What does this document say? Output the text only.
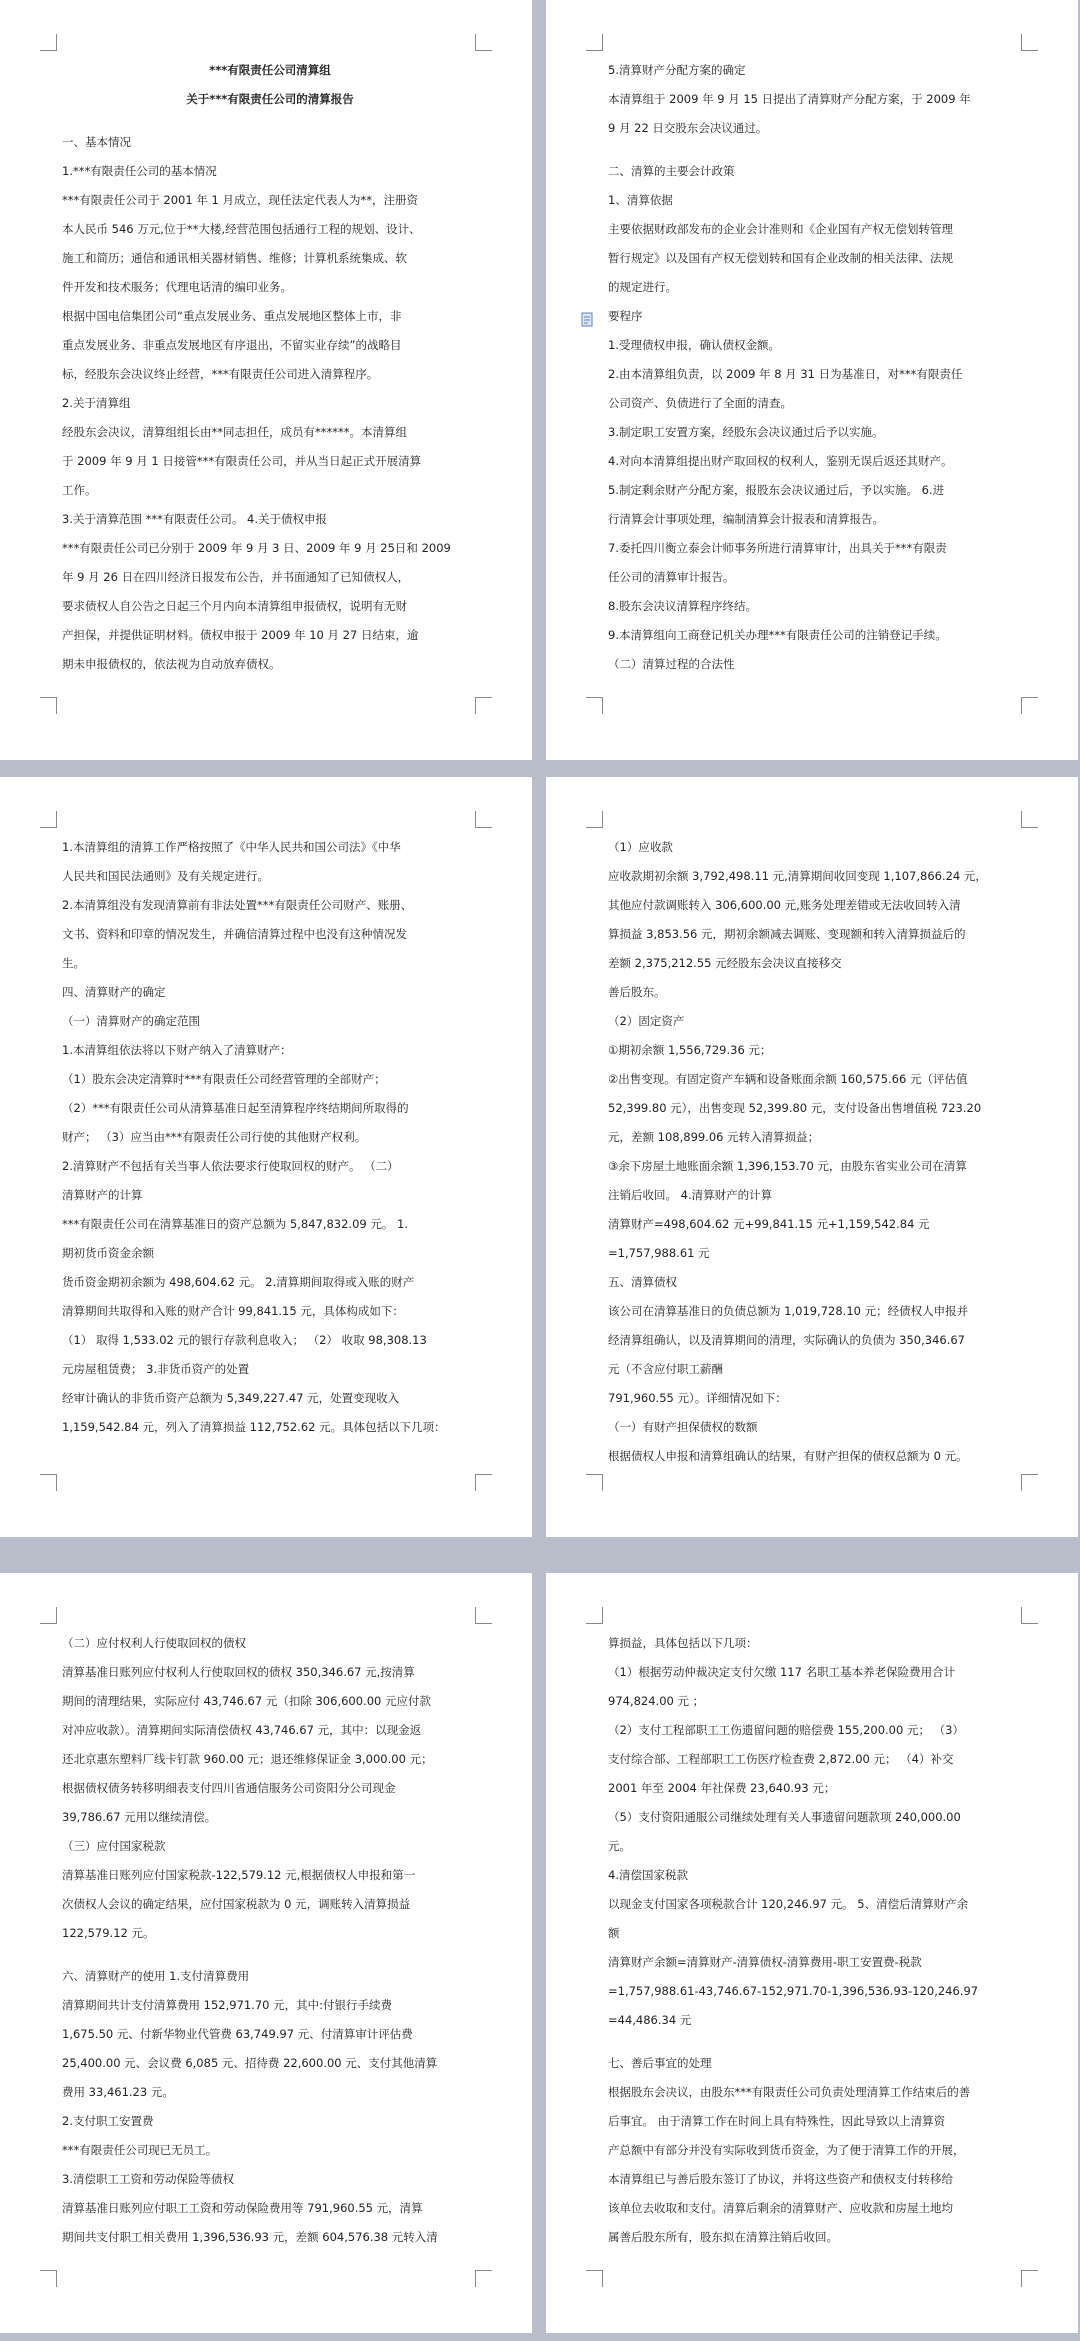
***有限责任公司清算组
关于***有限责任公司的清算报告
一、基本情况
1.***有限责任公司的基本情况
***有限责任公司于 2001 年 1 月成立，现任法定代表人为**，注册资
本人民币 546 万元,位于**大楼,经营范围包括通行工程的规划、设计、
施工和简历；通信和通讯相关器材销售、维修；计算机系统集成、软
件开发和技术服务；代理电话清的编印业务。
根据中国电信集团公司“重点发展业务、重点发展地区整体上市，非
重点发展业务、非重点发展地区有序退出，不留实业存续”的战略目
标，经股东会决议终止经营，***有限责任公司进入清算程序。
2.关于清算组
经股东会决议，清算组组长由**同志担任，成员有******。本清算组
于 2009 年 9 月 1 日接管***有限责任公司，并从当日起正式开展清算
工作。
3.关于清算范围 ***有限责任公司。 4.关于债权申报
***有限责任公司已分别于 2009 年 9 月 3 日、2009 年 9 月 25日和 2009
年 9 月 26 日在四川经济日报发布公告，并书面通知了已知债权人，
要求债权人自公告之日起三个月内向本清算组申报债权，说明有无财
产担保，并提供证明材料。债权申报于 2009 年 10 月 27 日结束，逾
期未申报债权的，依法视为自动放弃债权。
5.清算财产分配方案的确定
本清算组于 2009 年 9 月 15 日提出了清算财产分配方案，于 2009 年
9 月 22 日交股东会决议通过。
二、清算的主要会计政策
1、清算依据
主要依据财政部发布的企业会计准则和《企业国有产权无偿划转管理
暂行规定》以及国有产权无偿划转和国有企业改制的相关法律、法规
的规定进行。
要程序
1.受理债权申报，确认债权金额。
2.由本清算组负责，以 2009 年 8 月 31 日为基准日，对***有限责任
公司资产、负债进行了全面的清查。
3.制定职工安置方案，经股东会决议通过后予以实施。
4.对向本清算组提出财产取回权的权利人，鉴别无误后返还其财产。
5.制定剩余财产分配方案，报股东会决议通过后，予以实施。 6.进
行清算会计事项处理，编制清算会计报表和清算报告。
7.委托四川衡立泰会计师事务所进行清算审计，出具关于***有限责
任公司的清算审计报告。
8.股东会决议清算程序终结。
9.本清算组向工商登记机关办理***有限责任公司的注销登记手续。
（二）清算过程的合法性
1.本清算组的清算工作严格按照了《中华人民共和国公司法》《中华
人民共和国民法通则》及有关规定进行。
2.本清算组没有发现清算前有非法处置***有限责任公司财产、账册、
文书、资料和印章的情况发生，并确信清算过程中也没有这种情况发
生。
四、清算财产的确定
（一）清算财产的确定范围
1.本清算组依法将以下财产纳入了清算财产：
（1）股东会决定清算时***有限责任公司经营管理的全部财产；
（2）***有限责任公司从清算基准日起至清算程序终结期间所取得的
财产； （3）应当由***有限责任公司行使的其他财产权利。
2.清算财产不包括有关当事人依法要求行使取回权的财产。 （二）
清算财产的计算
***有限责任公司在清算基准日的资产总额为 5,847,832.09 元。 1.
期初货币资金余额
货币资金期初余额为 498,604.62 元。 2.清算期间取得或入账的财产
清算期间共取得和入账的财产合计 99,841.15 元，具体构成如下：
（1） 取得 1,533.02 元的银行存款利息收入； （2） 收取 98,308.13
元房屋租赁费； 3.非货币资产的处置
经审计确认的非货币资产总额为 5,349,227.47 元，处置变现收入
1,159,542.84 元，列入了清算损益 112,752.62 元。具体包括以下几项：
（1）应收款
应收款期初余额 3,792,498.11 元,清算期间收回变现 1,107,866.24 元，
其他应付款调账转入 306,600.00 元,账务处理差错或无法收回转入清
算损益 3,853.56 元，期初余额减去调账、变现额和转入清算损益后的
差额 2,375,212.55 元经股东会决议直接移交
善后股东。
（2）固定资产
①期初余额 1,556,729.36 元；
②出售变现。有固定资产车辆和设备账面余额 160,575.66 元（评估值
52,399.80 元），出售变现 52,399.80 元，支付设备出售增值税 723.20
元，差额 108,899.06 元转入清算损益；
③余下房屋土地账面余额 1,396,153.70 元，由股东省实业公司在清算
注销后收回。 4.清算财产的计算
清算财产=498,604.62 元+99,841.15 元+1,159,542.84 元
=1,757,988.61 元
五、清算债权
该公司在清算基准日的负债总额为 1,019,728.10 元；经债权人申报并
经清算组确认，以及清算期间的清理，实际确认的负债为 350,346.67
元（不含应付职工薪酬
791,960.55 元）。详细情况如下：
（一）有财产担保债权的数额
根据债权人申报和清算组确认的结果，有财产担保的债权总额为 0 元。
（二）应付权利人行使取回权的债权
清算基准日账列应付权利人行使取回权的债权 350,346.67 元,按清算
期间的清理结果，实际应付 43,746.67 元（扣除 306,600.00 元应付款
对冲应收款）。清算期间实际清偿债权 43,746.67 元，其中：以现金返
还北京惠东塑料厂线卡钉款 960.00 元；退还维修保证金 3,000.00 元；
根据债权债务转移明细表支付四川省通信服务公司资阳分公司现金
39,786.67 元用以继续清偿。
（三）应付国家税款
清算基准日账列应付国家税款-122,579.12 元,根据债权人申报和第一
次债权人会议的确定结果，应付国家税款为 0 元，调账转入清算损益
122,579.12 元。
六、清算财产的使用 1.支付清算费用
清算期间共计支付清算费用 152,971.70 元，其中:付银行手续费
1,675.50 元、付新华物业代管费 63,749.97 元、付清算审计评估费
25,400.00 元、会议费 6,085 元、招待费 22,600.00 元、支付其他清算
费用 33,461.23 元。
2.支付职工安置费
***有限责任公司现已无员工。
3.清偿职工工资和劳动保险等债权
清算基准日账列应付职工工资和劳动保险费用等 791,960.55 元，清算
期间共支付职工相关费用 1,396,536.93 元，差额 604,576.38 元转入清
算损益，具体包括以下几项：
（1）根据劳动仲裁决定支付欠缴 117 名职工基本养老保险费用合计
974,824.00 元 ；
（2）支付工程部职工工伤遗留问题的赔偿费 155,200.00 元； （3）
支付综合部、工程部职工工伤医疗检查费 2,872.00 元； （4）补交
2001 年至 2004 年社保费 23,640.93 元；
（5）支付资阳通服公司继续处理有关人事遗留问题款项 240,000.00
元。
4.清偿国家税款
以现金支付国家各项税款合计 120,246.97 元。 5、清偿后清算财产余
额
清算财产余额=清算财产-清算债权-清算费用-职工安置费-税款
=1,757,988.61-43,746.67-152,971.70-1,396,536.93-120,246.97
=44,486.34 元
七、善后事宜的处理
根据股东会决议，由股东***有限责任公司负责处理清算工作结束后的善
后事宜。 由于清算工作在时间上具有特殊性，因此导致以上清算资
产总额中有部分并没有实际收到货币资金，为了便于清算工作的开展，
本清算组已与善后股东签订了协议，并将这些资产和债权支付转移给
该单位去收取和支付。清算后剩余的清算财产、应收款和房屋土地均
属善后股东所有，股东拟在清算注销后收回。
